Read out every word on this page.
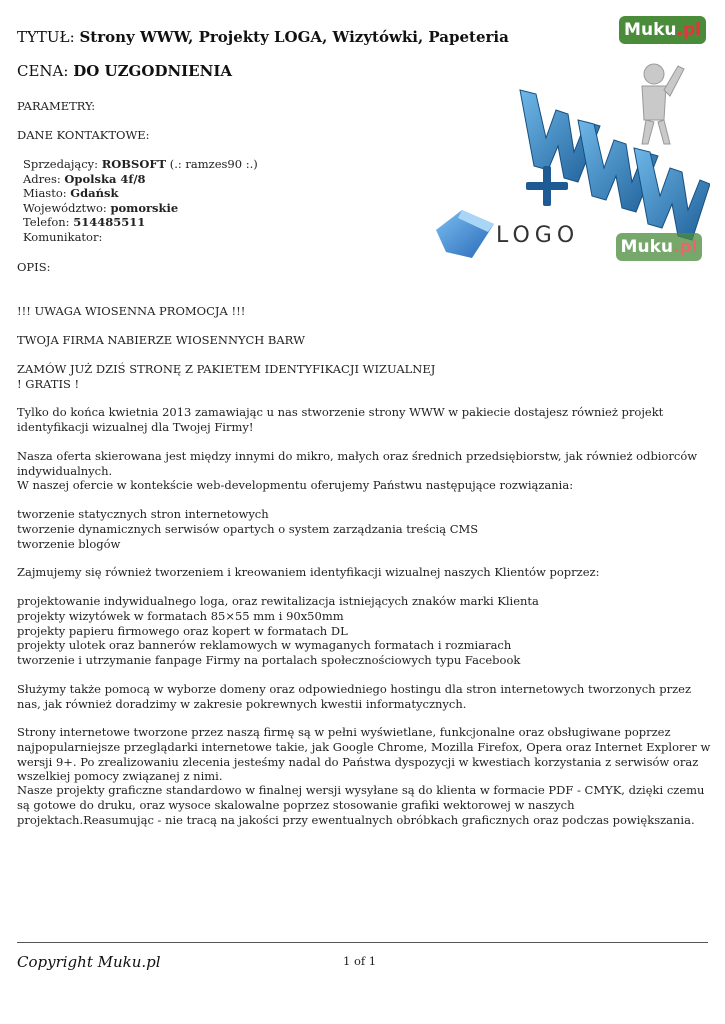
TYTUŁ: Strony WWW, Projekty LOGA, Wizytówki, Papeteria
CENA: DO UZGODNIENIA
Muku.pl
PARAMETRY:
DANE KONTAKTOWE:
Sprzedający: ROBSOFT (.: ramzes90 :.)
Adres: Opolska 4f/8
Miasto: Gdańsk
Województwo: pomorskie
Telefon: 514485511
Komunikator:	LOGO Muku.pl
OPIS:
!!! UWAGA WIOSENNA PROMOCJA !!!
TWOJA FIRMA NABIERZE WIOSENNYCH BARW
ZAMÓW JUŻ DZIŚ STRONĘ Z PAKIETEM IDENTYFIKACJI WIZUALNEJ
! GRATIS !
Tylko do końca kwietnia 2013 zamawiając u nas stworzenie strony WWW w pakiecie dostajesz również projekt identyfikacji wizualnej dla Twojej Firmy!
Nasza oferta skierowana jest między innymi do mikro, małych oraz średnich przedsiębiorstw, jak również odbiorców indywidualnych.
W naszej ofercie w kontekście web-developmentu oferujemy Państwu następujące rozwiązania:
tworzenie statycznych stron internetowych
tworzenie dynamicznych serwisów opartych o system zarządzania treścią CMS
tworzenie blogów
Zajmujemy się również tworzeniem i kreowaniem identyfikacji wizualnej naszych Klientów poprzez:
projektowanie indywidualnego loga, oraz rewitalizacja istniejących znaków marki Klienta
projekty wizytówek w formatach 85×55 mm i 90x50mm
projekty papieru firmowego oraz kopert w formatach DL
projekty ulotek oraz bannerów reklamowych w wymaganych formatach i rozmiarach
tworzenie i utrzymanie fanpage Firmy na portalach społecznościowych typu Facebook
Służymy także pomocą w wyborze domeny oraz odpowiedniego hostingu dla stron internetowych tworzonych przez nas, jak również doradzimy w zakresie pokrewnych kwestii informatycznych.
Strony internetowe tworzone przez naszą firmę są w pełni wyświetlane, funkcjonalne oraz obsługiwane poprzez najpopularniejsze przeglądarki internetowe takie, jak Google Chrome, Mozilla Firefox, Opera oraz Internet Explorer w wersji 9+. Po zrealizowaniu zlecenia jesteśmy nadal do Państwa dyspozycji w kwestiach korzystania z serwisów oraz wszelkiej pomocy związanej z nimi.
Nasze projekty graficzne standardowo w finalnej wersji wysyłane są do klienta w formacie PDF - CMYK, dzięki czemu są gotowe do druku, oraz wysoce skalowalne poprzez stosowanie grafiki wektorowej w naszych projektach.Reasumując - nie tracą na jakości przy ewentualnych obróbkach graficznych oraz podczas powiększania.
Copyright Muku.pl	1 of 1
